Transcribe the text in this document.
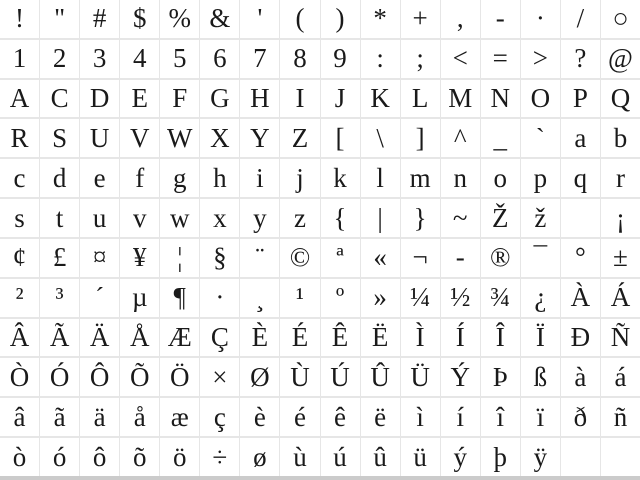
! " # $ % & ' ( ) * + , - · / ○
1 2 3 4 5 6 7 8 9 : ; < = > ? @
A C D E F G H I J K L M N O P Q
R S U V W X Y Z [ \ ] ^ _ ` a b
c d e f g h i j k l m n o p q r
s t u v w x y z { | } ~ Ž ž	¡
¢ £ ¤ ¥ ¦ § ¨ © ª « ¬ - ® ¯ ° ±
² ³ ´ µ ¶ · ¸ ¹ º » ¼ ½ ¾ ¿ À Á
Â Ã Ä Å Æ Ç È É Ê Ë Ì Í Î Ï Ð Ñ
Ò Ó Ô Õ Ö × Ø Ù Ú Û Ü Ý Þ ß à á
â ã ä å æ ç è é ê ë ì í î ï ð ñ
ò ó ô õ ö ÷ ø ù ú û ü ý þ ÿ
